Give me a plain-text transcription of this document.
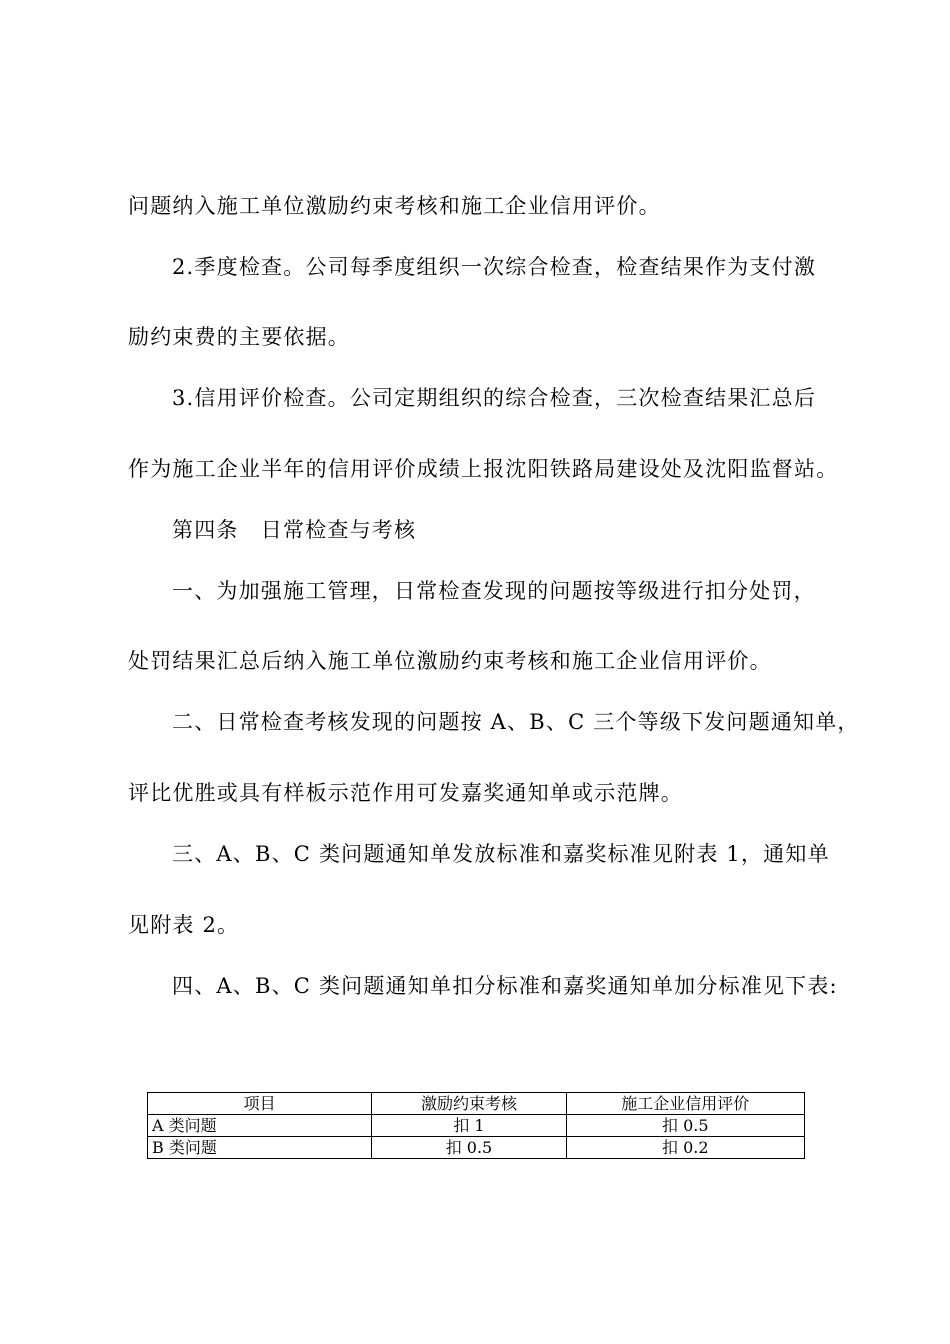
问题纳入施工单位激励约束考核和施工企业信用评价。
2.季度检查。公司每季度组织一次综合检查，检查结果作为支付激
励约束费的主要依据。
3.信用评价检查。公司定期组织的综合检查，三次检查结果汇总后
作为施工企业半年的信用评价成绩上报沈阳铁路局建设处及沈阳监督站。
第四条　日常检查与考核
一、为加强施工管理，日常检查发现的问题按等级进行扣分处罚，
处罚结果汇总后纳入施工单位激励约束考核和施工企业信用评价。
二、日常检查考核发现的问题按 A、B、C 三个等级下发问题通知单，
评比优胜或具有样板示范作用可发嘉奖通知单或示范牌。
三、A、B、C 类问题通知单发放标准和嘉奖标准见附表 1，通知单
见附表 2。
四、A、B、C 类问题通知单扣分标准和嘉奖通知单加分标准见下表:
项目	激励约束考核	施工企业信用评价
A 类问题	扣 1	扣 0.5
B 类问题	扣 0.5	扣 0.2
